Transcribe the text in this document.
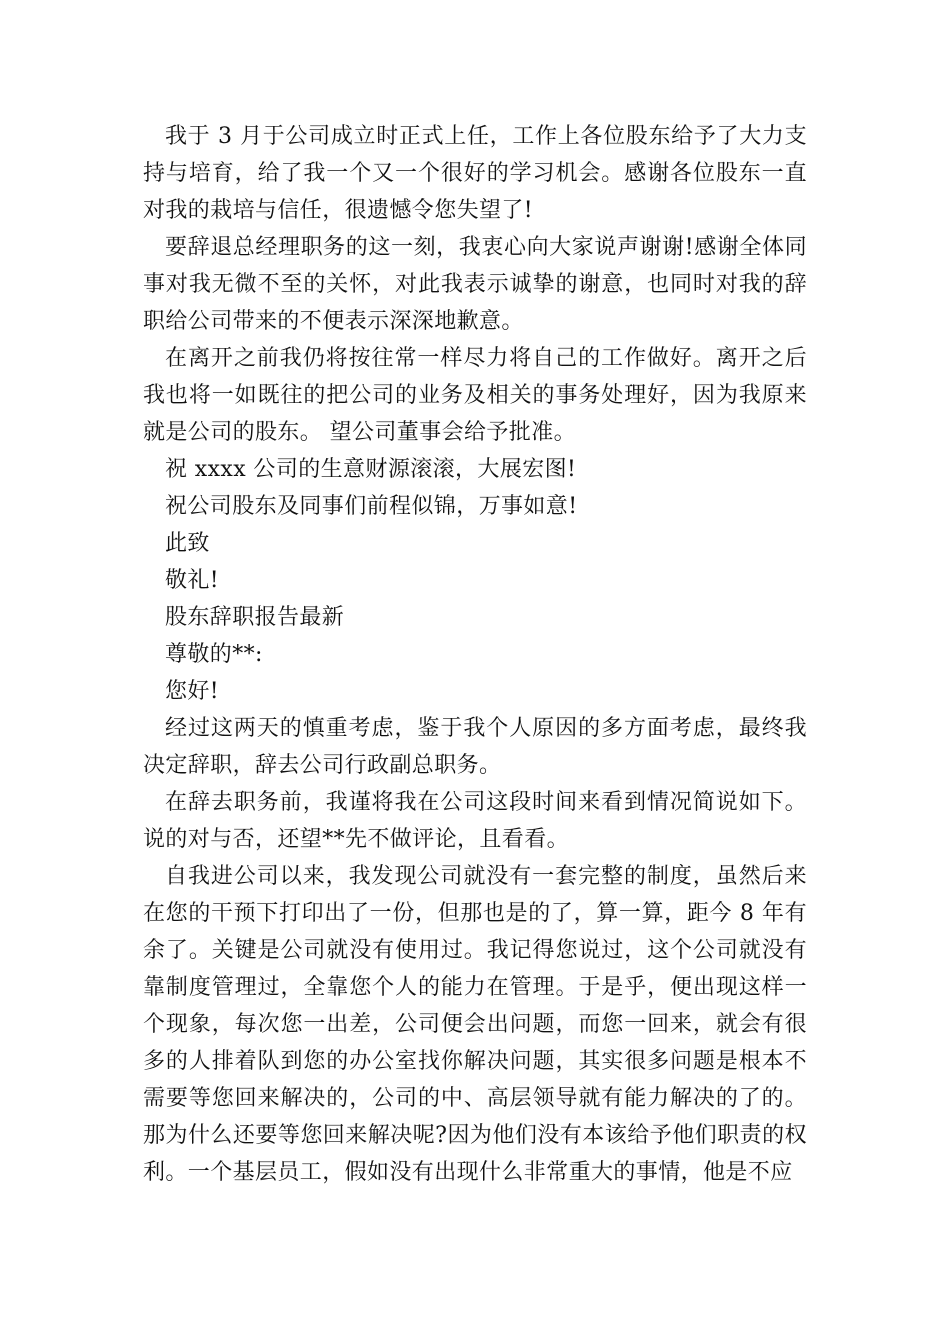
我于 3 月于公司成立时正式上任，工作上各位股东给予了大力支持与培育，给了我一个又一个很好的学习机会。感谢各位股东一直对我的栽培与信任，很遗憾令您失望了!

要辞退总经理职务的这一刻，我衷心向大家说声谢谢!感谢全体同事对我无微不至的关怀，对此我表示诚挚的谢意，也同时对我的辞职给公司带来的不便表示深深地歉意。

在离开之前我仍将按往常一样尽力将自己的工作做好。离开之后我也将一如既往的把公司的业务及相关的事务处理好，因为我原来就是公司的股东。 望公司董事会给予批准。

祝 xxxx 公司的生意财源滚滚，大展宏图!

祝公司股东及同事们前程似锦，万事如意!

此致

敬礼!

股东辞职报告最新

尊敬的**:

您好!

经过这两天的慎重考虑，鉴于我个人原因的多方面考虑，最终我决定辞职，辞去公司行政副总职务。

在辞去职务前，我谨将我在公司这段时间来看到情况简说如下。说的对与否，还望**先不做评论，且看看。

自我进公司以来，我发现公司就没有一套完整的制度，虽然后来在您的干预下打印出了一份，但那也是的了，算一算，距今 8 年有余了。关键是公司就没有使用过。我记得您说过，这个公司就没有靠制度管理过，全靠您个人的能力在管理。于是乎，便出现这样一个现象，每次您一出差，公司便会出问题，而您一回来，就会有很多的人排着队到您的办公室找你解决问题，其实很多问题是根本不需要等您回来解决的，公司的中、高层领导就有能力解决的了的。那为什么还要等您回来解决呢?因为他们没有本该给予他们职责的权利。一个基层员工，假如没有出现什么非常重大的事情，他是不应
